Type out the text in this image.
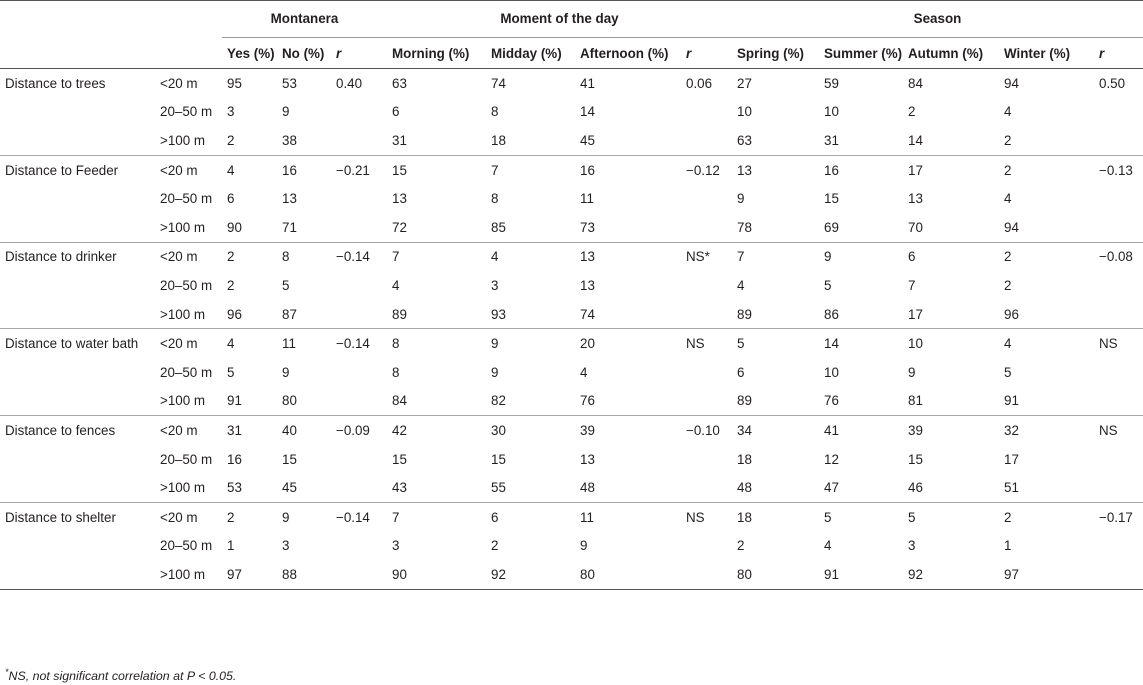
		Montanera			Moment of the day				Season				

		Yes (%)	No (%)	r	Morning (%)	Midday (%)	Afternoon (%)	r	Spring (%)	Summer (%)	Autumn (%)	Winter (%)	r
Distance to trees	<20 m	95	53	0.40	63	74	41	0.06	27	59	84	94	0.50
	20–50 m	3	9		6	8	14		10	10	2	4	
	>100 m	2	38		31	18	45		63	31	14	2	
Distance to Feeder	<20 m	4	16	−0.21	15	7	16	−0.12	13	16	17	2	−0.13
	20–50 m	6	13		13	8	11		9	15	13	4	
	>100 m	90	71		72	85	73		78	69	70	94	
Distance to drinker	<20 m	2	8	−0.14	7	4	13	NS*	7	9	6	2	−0.08
	20–50 m	2	5		4	3	13		4	5	7	2	
	>100 m	96	87		89	93	74		89	86	17	96	
Distance to water bath	<20 m	4	11	−0.14	8	9	20	NS	5	14	10	4	NS
	20–50 m	5	9		8	9	4		6	10	9	5	
	>100 m	91	80		84	82	76		89	76	81	91	
Distance to fences	<20 m	31	40	−0.09	42	30	39	−0.10	34	41	39	32	NS
	20–50 m	16	15		15	15	13		18	12	15	17	
	>100 m	53	45		43	55	48		48	47	46	51	
Distance to shelter	<20 m	2	9	−0.14	7	6	11	NS	18	5	5	2	−0.17
	20–50 m	1	3		3	2	9		2	4	3	1	
	>100 m	97	88		90	92	80		80	91	92	97	

*NS, not significant correlation at P < 0.05.
